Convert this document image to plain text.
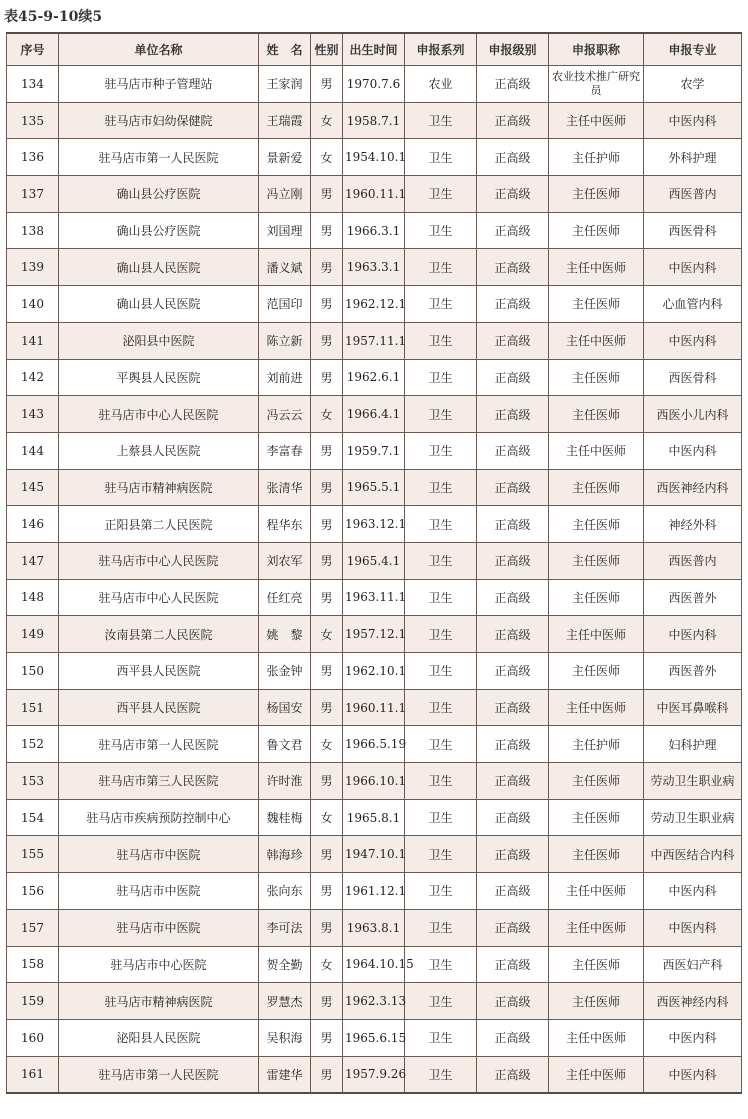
表45-9-10续5
序号	单位名称	姓　名	性别	出生时间	申报系列	申报级别	申报职称	申报专业
134	驻马店市种子管理站	王家润	男	1970.7.6	农业	正高级	农业技术推广研究员	农学
135	驻马店市妇幼保健院	王瑞霞	女	1958.7.1	卫生	正高级	主任中医师	中医内科
136	驻马店市第一人民医院	景新爱	女	1954.10.1	卫生	正高级	主任护师	外科护理
137	确山县公疗医院	冯立刚	男	1960.11.1	卫生	正高级	主任医师	西医普内
138	确山县公疗医院	刘国理	男	1966.3.1	卫生	正高级	主任医师	西医骨科
139	确山县人民医院	潘义斌	男	1963.3.1	卫生	正高级	主任中医师	中医内科
140	确山县人民医院	范国印	男	1962.12.1	卫生	正高级	主任医师	心血管内科
141	泌阳县中医院	陈立新	男	1957.11.1	卫生	正高级	主任中医师	中医内科
142	平舆县人民医院	刘前进	男	1962.6.1	卫生	正高级	主任医师	西医骨科
143	驻马店市中心人民医院	冯云云	女	1966.4.1	卫生	正高级	主任医师	西医小儿内科
144	上蔡县人民医院	李富春	男	1959.7.1	卫生	正高级	主任中医师	中医内科
145	驻马店市精神病医院	张清华	男	1965.5.1	卫生	正高级	主任医师	西医神经内科
146	正阳县第二人民医院	程华东	男	1963.12.1	卫生	正高级	主任医师	神经外科
147	驻马店市中心人民医院	刘农军	男	1965.4.1	卫生	正高级	主任医师	西医普内
148	驻马店市中心人民医院	任红亮	男	1963.11.1	卫生	正高级	主任医师	西医普外
149	汝南县第二人民医院	姚　黎	女	1957.12.1	卫生	正高级	主任中医师	中医内科
150	西平县人民医院	张金钟	男	1962.10.1	卫生	正高级	主任医师	西医普外
151	西平县人民医院	杨国安	男	1960.11.1	卫生	正高级	主任中医师	中医耳鼻喉科
152	驻马店市第一人民医院	鲁文君	女	1966.5.19	卫生	正高级	主任护师	妇科护理
153	驻马店市第三人民医院	许时淮	男	1966.10.1	卫生	正高级	主任医师	劳动卫生职业病
154	驻马店市疾病预防控制中心	魏桂梅	女	1965.8.1	卫生	正高级	主任医师	劳动卫生职业病
155	驻马店市中医院	韩海珍	男	1947.10.1	卫生	正高级	主任医师	中西医结合内科
156	驻马店市中医院	张向东	男	1961.12.1	卫生	正高级	主任中医师	中医内科
157	驻马店市中医院	李可法	男	1963.8.1	卫生	正高级	主任中医师	中医内科
158	驻马店市中心医院	贺全勤	女	1964.10.15	卫生	正高级	主任医师	西医妇产科
159	驻马店市精神病医院	罗慧杰	男	1962.3.13	卫生	正高级	主任医师	西医神经内科
160	泌阳县人民医院	吴积海	男	1965.6.15	卫生	正高级	主任中医师	中医内科
161	驻马店市第一人民医院	雷建华	男	1957.9.26	卫生	正高级	主任中医师	中医内科
